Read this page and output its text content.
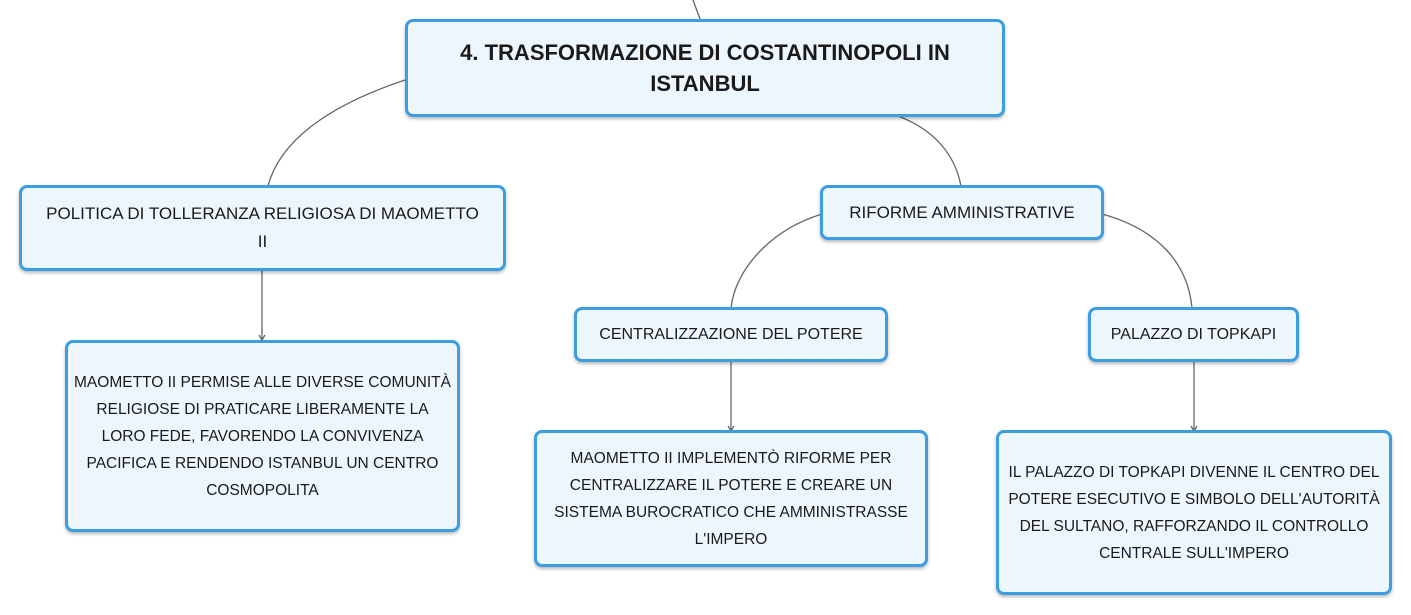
4. TRASFORMAZIONE DI COSTANTINOPOLI IN ISTANBUL
POLITICA DI TOLLERANZA RELIGIOSA DI MAOMETTO II
MAOMETTO II PERMISE ALLE DIVERSE COMUNITÀ RELIGIOSE DI PRATICARE LIBERAMENTE LA LORO FEDE, FAVORENDO LA CONVIVENZA PACIFICA E RENDENDO ISTANBUL UN CENTRO COSMOPOLITA
RIFORME AMMINISTRATIVE
CENTRALIZZAZIONE DEL POTERE	PALAZZO DI TOPKAPI
MAOMETTO II IMPLEMENTÒ RIFORME PER CENTRALIZZARE IL POTERE E CREARE UN SISTEMA BUROCRATICO CHE AMMINISTRASSE L'IMPERO
IL PALAZZO DI TOPKAPI DIVENNE IL CENTRO DEL POTERE ESECUTIVO E SIMBOLO DELL'AUTORITÀ DEL SULTANO, RAFFORZANDO IL CONTROLLO CENTRALE SULL'IMPERO
